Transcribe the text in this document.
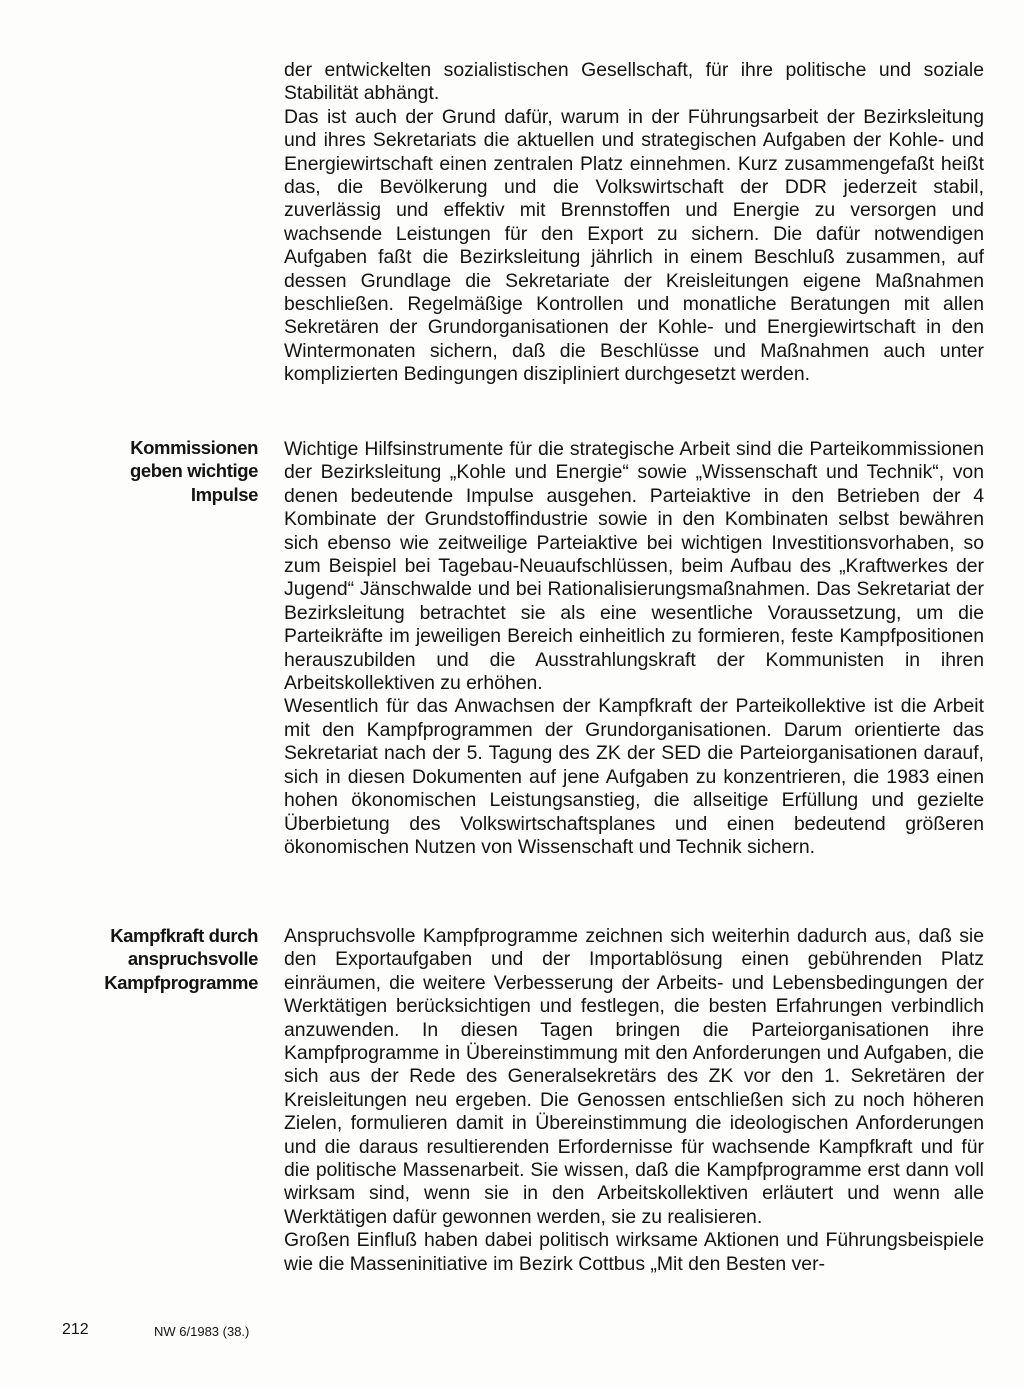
der entwickelten sozialistischen Gesellschaft, für ihre politische und soziale Stabilität abhängt.

Das ist auch der Grund dafür, warum in der Führungsarbeit der Bezirksleitung und ihres Sekretariats die aktuellen und strategischen Aufgaben der Kohle- und Energiewirtschaft einen zentralen Platz einnehmen. Kurz zusammengefaßt heißt das, die Bevölkerung und die Volkswirtschaft der DDR jederzeit stabil, zuverlässig und effektiv mit Brennstoffen und Energie zu versorgen und wachsende Leistungen für den Export zu sichern. Die dafür notwendigen Aufgaben faßt die Bezirksleitung jährlich in einem Beschluß zusammen, auf dessen Grundlage die Sekretariate der Kreisleitungen eigene Maßnahmen beschließen. Regelmäßige Kontrollen und monatliche Beratungen mit allen Sekretären der Grundorganisationen der Kohle- und Energiewirtschaft in den Wintermonaten sichern, daß die Beschlüsse und Maßnahmen auch unter komplizierten Bedingungen diszipliniert durchgesetzt werden.

Kommissionen
geben wichtige
Impulse

Wichtige Hilfsinstrumente für die strategische Arbeit sind die Parteikommissionen der Bezirksleitung „Kohle und Energie“ sowie „Wissenschaft und Technik“, von denen bedeutende Impulse ausgehen. Parteiaktive in den Betrieben der 4 Kombinate der Grundstoffindustrie sowie in den Kombinaten selbst bewähren sich ebenso wie zeitweilige Parteiaktive bei wichtigen Investitionsvorhaben, so zum Beispiel bei Tagebau-Neuaufschlüssen, beim Aufbau des „Kraftwerkes der Jugend“ Jänschwalde und bei Rationalisierungsmaßnahmen. Das Sekretariat der Bezirksleitung betrachtet sie als eine wesentliche Voraussetzung, um die Parteikräfte im jeweiligen Bereich einheitlich zu formieren, feste Kampfpositionen herauszubilden und die Ausstrahlungskraft der Kommunisten in ihren Arbeitskollektiven zu erhöhen.

Wesentlich für das Anwachsen der Kampfkraft der Parteikollektive ist die Arbeit mit den Kampfprogrammen der Grundorganisationen. Darum orientierte das Sekretariat nach der 5. Tagung des ZK der SED die Parteiorganisationen darauf, sich in diesen Dokumenten auf jene Aufgaben zu konzentrieren, die 1983 einen hohen ökonomischen Leistungsanstieg, die allseitige Erfüllung und gezielte Überbietung des Volkswirtschaftsplanes und einen bedeutend größeren ökonomischen Nutzen von Wissenschaft und Technik sichern.

Kampfkraft durch
anspruchsvolle
Kampfprogramme

Anspruchsvolle Kampfprogramme zeichnen sich weiterhin dadurch aus, daß sie den Exportaufgaben und der Importablösung einen gebührenden Platz einräumen, die weitere Verbesserung der Arbeits- und Lebensbedingungen der Werktätigen berücksichtigen und festlegen, die besten Erfahrungen verbindlich anzuwenden. In diesen Tagen bringen die Parteiorganisationen ihre Kampfprogramme in Übereinstimmung mit den Anforderungen und Aufgaben, die sich aus der Rede des Generalsekretärs des ZK vor den 1. Sekretären der Kreisleitungen neu ergeben. Die Genossen entschließen sich zu noch höheren Zielen, formulieren damit in Übereinstimmung die ideologischen Anforderungen und die daraus resultierenden Erfordernisse für wachsende Kampfkraft und für die politische Massenarbeit. Sie wissen, daß die Kampfprogramme erst dann voll wirksam sind, wenn sie in den Arbeitskollektiven erläutert und wenn alle Werktätigen dafür gewonnen werden, sie zu realisieren.

Großen Einfluß haben dabei politisch wirksame Aktionen und Führungsbeispiele wie die Masseninitiative im Bezirk Cottbus „Mit den Besten ver-

212	NW 6/1983 (38.)
